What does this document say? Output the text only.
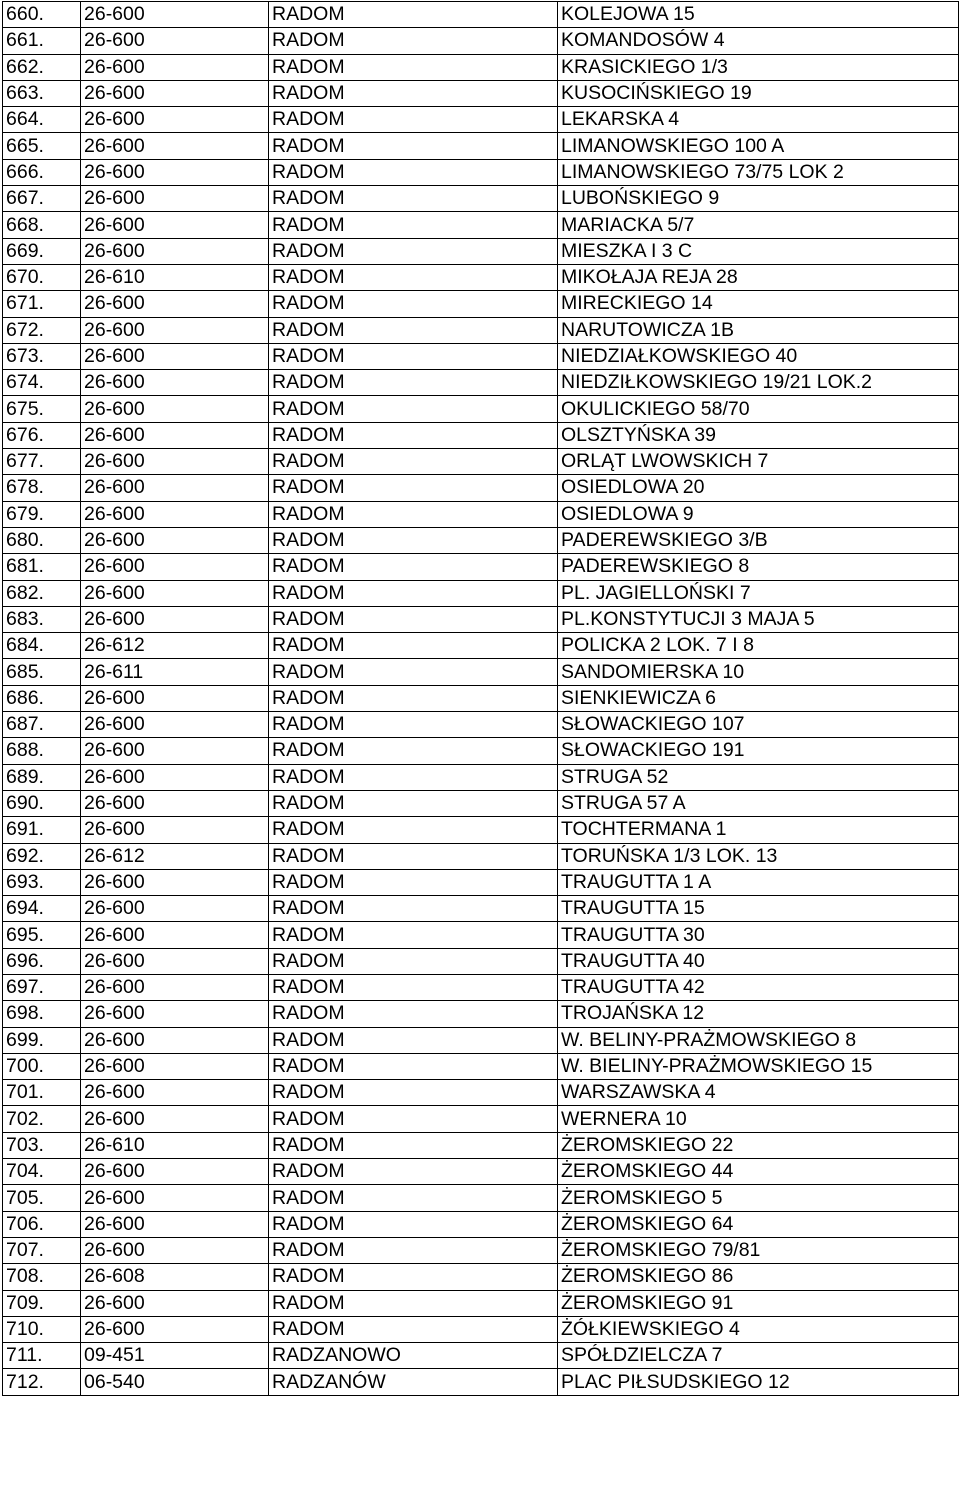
660.	26-600	RADOM	KOLEJOWA 15
661.	26-600	RADOM	KOMANDOSÓW 4
662.	26-600	RADOM	KRASICKIEGO 1/3
663.	26-600	RADOM	KUSOCIŃSKIEGO 19
664.	26-600	RADOM	LEKARSKA 4
665.	26-600	RADOM	LIMANOWSKIEGO 100 A
666.	26-600	RADOM	LIMANOWSKIEGO 73/75 LOK 2
667.	26-600	RADOM	LUBOŃSKIEGO 9
668.	26-600	RADOM	MARIACKA 5/7
669.	26-600	RADOM	MIESZKA I 3 C
670.	26-610	RADOM	MIKOŁAJA REJA 28
671.	26-600	RADOM	MIRECKIEGO 14
672.	26-600	RADOM	NARUTOWICZA 1B
673.	26-600	RADOM	NIEDZIAŁKOWSKIEGO 40
674.	26-600	RADOM	NIEDZIŁKOWSKIEGO 19/21 LOK.2
675.	26-600	RADOM	OKULICKIEGO 58/70
676.	26-600	RADOM	OLSZTYŃSKA 39
677.	26-600	RADOM	ORLĄT LWOWSKICH 7
678.	26-600	RADOM	OSIEDLOWA 20
679.	26-600	RADOM	OSIEDLOWA 9
680.	26-600	RADOM	PADEREWSKIEGO 3/B
681.	26-600	RADOM	PADEREWSKIEGO 8
682.	26-600	RADOM	PL. JAGIELLOŃSKI 7
683.	26-600	RADOM	PL.KONSTYTUCJI 3 MAJA 5
684.	26-612	RADOM	POLICKA 2 LOK. 7 I 8
685.	26-611	RADOM	SANDOMIERSKA 10
686.	26-600	RADOM	SIENKIEWICZA 6
687.	26-600	RADOM	SŁOWACKIEGO 107
688.	26-600	RADOM	SŁOWACKIEGO 191
689.	26-600	RADOM	STRUGA 52
690.	26-600	RADOM	STRUGA 57 A
691.	26-600	RADOM	TOCHTERMANA 1
692.	26-612	RADOM	TORUŃSKA 1/3 LOK. 13
693.	26-600	RADOM	TRAUGUTTA 1 A
694.	26-600	RADOM	TRAUGUTTA 15
695.	26-600	RADOM	TRAUGUTTA 30
696.	26-600	RADOM	TRAUGUTTA 40
697.	26-600	RADOM	TRAUGUTTA 42
698.	26-600	RADOM	TROJAŃSKA 12
699.	26-600	RADOM	W. BELINY-PRAŻMOWSKIEGO 8
700.	26-600	RADOM	W. BIELINY-PRAŻMOWSKIEGO 15
701.	26-600	RADOM	WARSZAWSKA 4
702.	26-600	RADOM	WERNERA 10
703.	26-610	RADOM	ŻEROMSKIEGO 22
704.	26-600	RADOM	ŻEROMSKIEGO 44
705.	26-600	RADOM	ŻEROMSKIEGO 5
706.	26-600	RADOM	ŻEROMSKIEGO 64
707.	26-600	RADOM	ŻEROMSKIEGO 79/81
708.	26-608	RADOM	ŻEROMSKIEGO 86
709.	26-600	RADOM	ŻEROMSKIEGO 91
710.	26-600	RADOM	ŻÓŁKIEWSKIEGO 4
711.	09-451	RADZANOWO	SPÓŁDZIELCZA 7
712.	06-540	RADZANÓW	PLAC PIŁSUDSKIEGO 12
